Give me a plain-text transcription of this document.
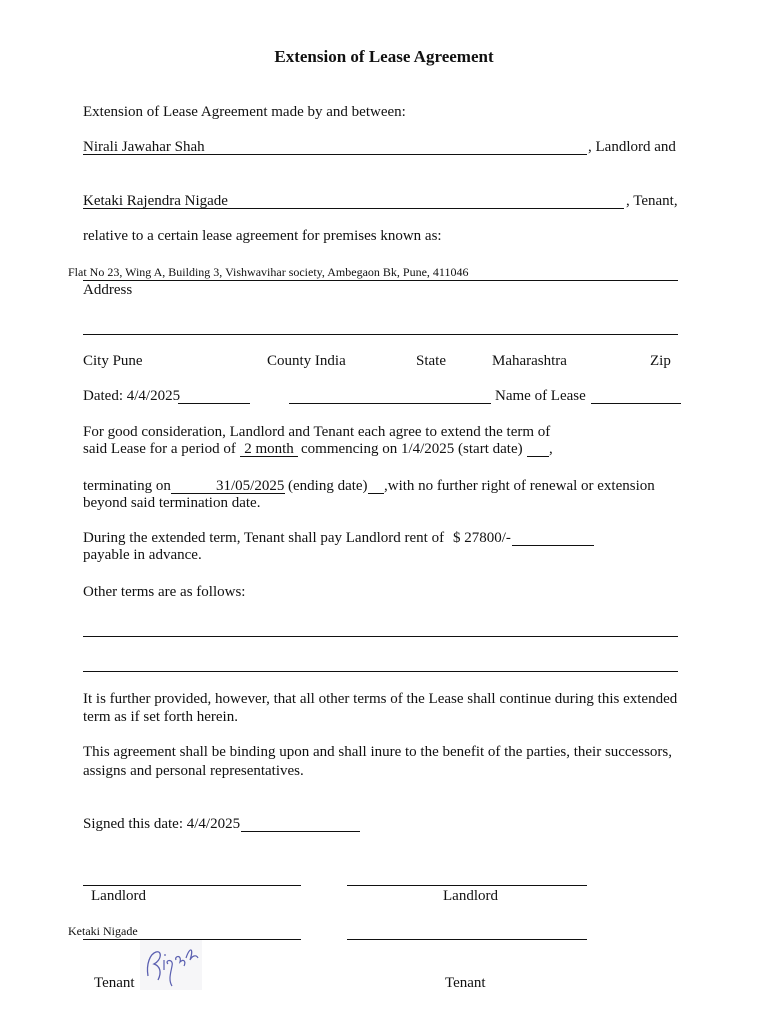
Extension of Lease Agreement
Extension of Lease Agreement made by and between:
Nirali Jawahar Shah	, Landlord and
Ketaki Rajendra Nigade	, Tenant,
relative to a certain lease agreement for premises known as:
Flat No 23, Wing A, Building 3, Vishwavihar society, Ambegaon Bk, Pune, 411046
Address
City Pune	County India	State	Maharashtra	Zip
Dated: 4/4/2025	Name of Lease
For good consideration, Landlord and Tenant each agree to extend the term of
said Lease for a period of 2 month commencing on 1/4/2025 (start date) ,
terminating on	31/05/2025 (ending date) ,with no further right of renewal or extension
beyond said termination date.
During the extended term, Tenant shall pay Landlord rent of $ 27800/-
payable in advance.
Other terms are as follows:
It is further provided, however, that all other terms of the Lease shall continue during this extended
term as if set forth herein.
This agreement shall be binding upon and shall inure to the benefit of the parties, their successors,
assigns and personal representatives.
Signed this date: 4/4/2025
Landlord	Landlord
Ketaki Nigade
Tenant	Tenant
